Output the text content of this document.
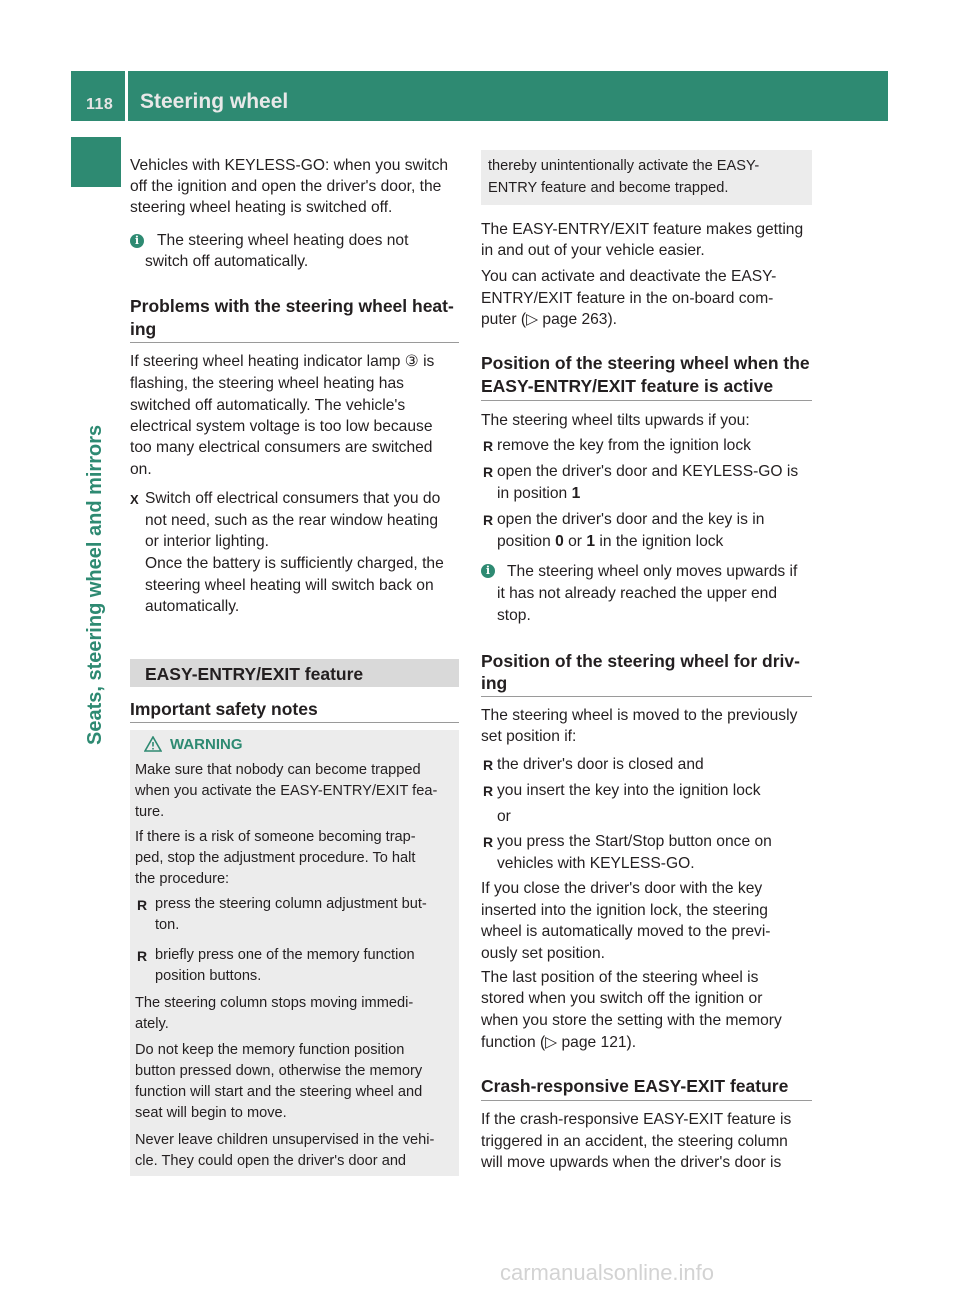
118 Steering wheel
Seats, steering wheel and mirrors
Vehicles with KEYLESS-GO: when you switch
off the ignition and open the driver's door, the
steering wheel heating is switched off.
i	The steering wheel heating does not
switch off automatically.
Problems with the steering wheel heat-
ing
If steering wheel heating indicator lamp ③ is
flashing, the steering wheel heating has
switched off automatically. The vehicle's
electrical system voltage is too low because
too many electrical consumers are switched
on.
X Switch off electrical consumers that you do
not need, such as the rear window heating
or interior lighting.
Once the battery is sufficiently charged, the
steering wheel heating will switch back on
automatically.
EASY-ENTRY/EXIT feature
Important safety notes
WARNING
Make sure that nobody can become trapped
when you activate the EASY-ENTRY/EXIT fea-
ture.
If there is a risk of someone becoming trap-
ped, stop the adjustment procedure. To halt
the procedure:
R press the steering column adjustment but-
ton.
R briefly press one of the memory function
position buttons.
The steering column stops moving immedi-
ately.
Do not keep the memory function position
button pressed down, otherwise the memory
function will start and the steering wheel and
seat will begin to move.
Never leave children unsupervised in the vehi-
cle. They could open the driver's door and
thereby unintentionally activate the EASY-
ENTRY feature and become trapped.
The EASY-ENTRY/EXIT feature makes getting
in and out of your vehicle easier.
You can activate and deactivate the EASY-
ENTRY/EXIT feature in the on-board com-
puter (▷ page 263).
Position of the steering wheel when the
EASY-ENTRY/EXIT feature is active
The steering wheel tilts upwards if you:
R remove the key from the ignition lock
R open the driver's door and KEYLESS-GO is
in position 1
R open the driver's door and the key is in
position 0 or 1 in the ignition lock
i	The steering wheel only moves upwards if
it has not already reached the upper end
stop.
Position of the steering wheel for driv-
ing
The steering wheel is moved to the previously
set position if:
R the driver's door is closed and
R you insert the key into the ignition lock
or
R you press the Start/Stop button once on
vehicles with KEYLESS-GO.
If you close the driver's door with the key
inserted into the ignition lock, the steering
wheel is automatically moved to the previ-
ously set position.
The last position of the steering wheel is
stored when you switch off the ignition or
when you store the setting with the memory
function (▷ page 121).
Crash-responsive EASY-EXIT feature
If the crash-responsive EASY-EXIT feature is
triggered in an accident, the steering column
will move upwards when the driver's door is
carmanualsonline.info
